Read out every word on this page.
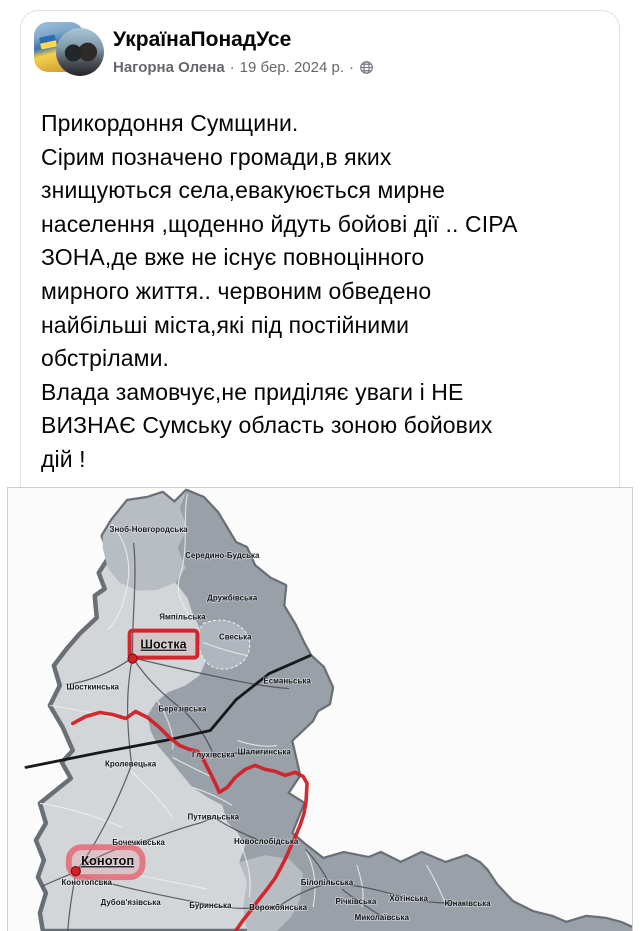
УкраїнаПонадУсе
Нагорна Олена · 19 бер. 2024 р. ·
Прикордоння Сумщини.
Сірим позначено громади,в яких
знищуються села,евакуюється мирне
населення ,щоденно йдуть бойові дії .. СІРА
ЗОНА,де вже не існує повноцінного
мирного життя.. червоним обведено
найбільші міста,які під постійними
обстрілами.
Влада замовчує,не приділяє уваги і НЕ
ВИЗНАЄ Сумську область зоною бойових
дій !
Шостка
Конотоп
Зноб-Новгородська
Середино-Будська
Дружбівська
Ямпільська
Свеська
Есманьська
Шосткинська
Березівська
Кролевецька
Глухівська Шалигинська
Путивльська
Бочечківська	Новослобідська
Конотопська
Дубов'язівська	Буринська Ворожбянська
Білопільська
Річківська Хотінська
Юнаківська
Миколаївська
